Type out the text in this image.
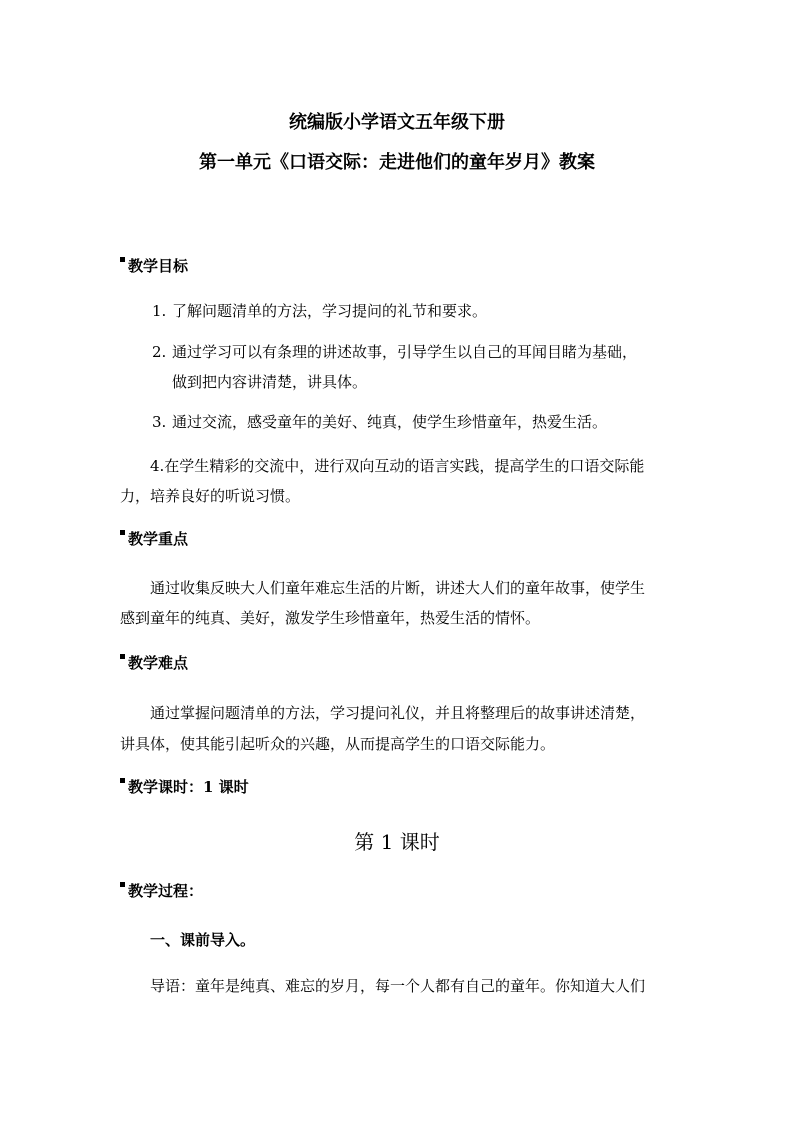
统编版小学语文五年级下册
第一单元《口语交际：走进他们的童年岁月》教案
教学目标
1. 了解问题清单的方法，学习提问的礼节和要求。
2. 通过学习可以有条理的讲述故事，引导学生以自己的耳闻目睹为基础，
做到把内容讲清楚，讲具体。
3. 通过交流，感受童年的美好、纯真，使学生珍惜童年，热爱生活。
4.在学生精彩的交流中，进行双向互动的语言实践，提高学生的口语交际能
力，培养良好的听说习惯。
教学重点
通过收集反映大人们童年难忘生活的片断，讲述大人们的童年故事，使学生
感到童年的纯真、美好，激发学生珍惜童年，热爱生活的情怀。
教学难点
通过掌握问题清单的方法，学习提问礼仪，并且将整理后的故事讲述清楚，
讲具体，使其能引起听众的兴趣，从而提高学生的口语交际能力。
教学课时：1 课时
第 1 课时
教学过程：
一、课前导入。
导语：童年是纯真、难忘的岁月，每一个人都有自己的童年。你知道大人们
